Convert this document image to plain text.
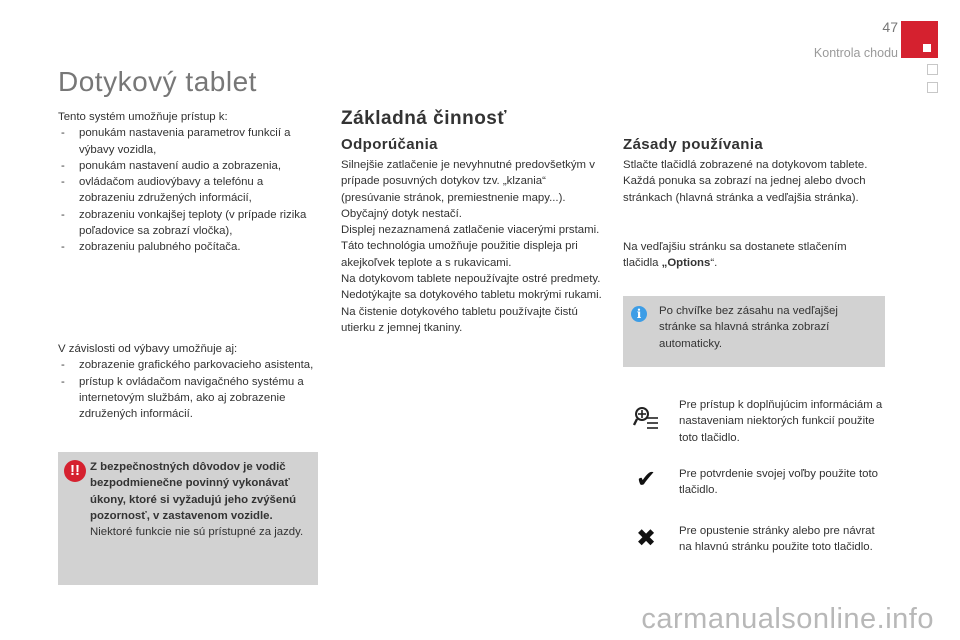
47
Kontrola chodu
Dotykový tablet
Tento systém umožňuje prístup k:
- ponukám nastavenia parametrov funkcií a výbavy vozidla,
- ponukám nastavení audio a zobrazenia,
- ovládačom audiovýbavy a telefónu a zobrazeniu združených informácií,
- zobrazeniu vonkajšej teploty (v prípade rizika poľadovice sa zobrazí vločka),
- zobrazeniu palubného počítača.
V závislosti od výbavy umožňuje aj:
- zobrazenie grafického parkovacieho asistenta,
- prístup k ovládačom navigačného systému a internetovým službám, ako aj zobrazenie združených informácií.
!! Z bezpečnostných dôvodov je vodič bezpodmienečne povinný vykonávať úkony, ktoré si vyžadujú jeho zvýšenú pozornosť, v zastavenom vozidle.
Niektoré funkcie nie sú prístupné za jazdy.
Základná činnosť
Odporúčania
Silnejšie zatlačenie je nevyhnutné predovšetkým v prípade posuvných dotykov tzv. „klzania“ (presúvanie stránok, premiestnenie mapy...). Obyčajný dotyk nestačí.
Displej nezaznamená zatlačenie viacerými prstami.
Táto technológia umožňuje použitie displeja pri akejkoľvek teplote a s rukavicami.
Na dotykovom tablete nepoužívajte ostré predmety.
Nedotýkajte sa dotykového tabletu mokrými rukami.
Na čistenie dotykového tabletu používajte čistú utierku z jemnej tkaniny.
Zásady používania
Stlačte tlačidlá zobrazené na dotykovom tablete. Každá ponuka sa zobrazí na jednej alebo dvoch stránkach (hlavná stránka a vedľajšia stránka).
Na vedľajšiu stránku sa dostanete stlačením tlačidla „Options“.
i	Po chvíľke bez zásahu na vedľajšej stránke sa hlavná stránka zobrazí automaticky.
Pre prístup k doplňujúcim informáciám a nastaveniam niektorých funkcií použite toto tlačidlo.
✔ Pre potvrdenie svojej voľby použite toto tlačidlo.
✖ Pre opustenie stránky alebo pre návrat na hlavnú stránku použite toto tlačidlo.
carmanualsonline.info
